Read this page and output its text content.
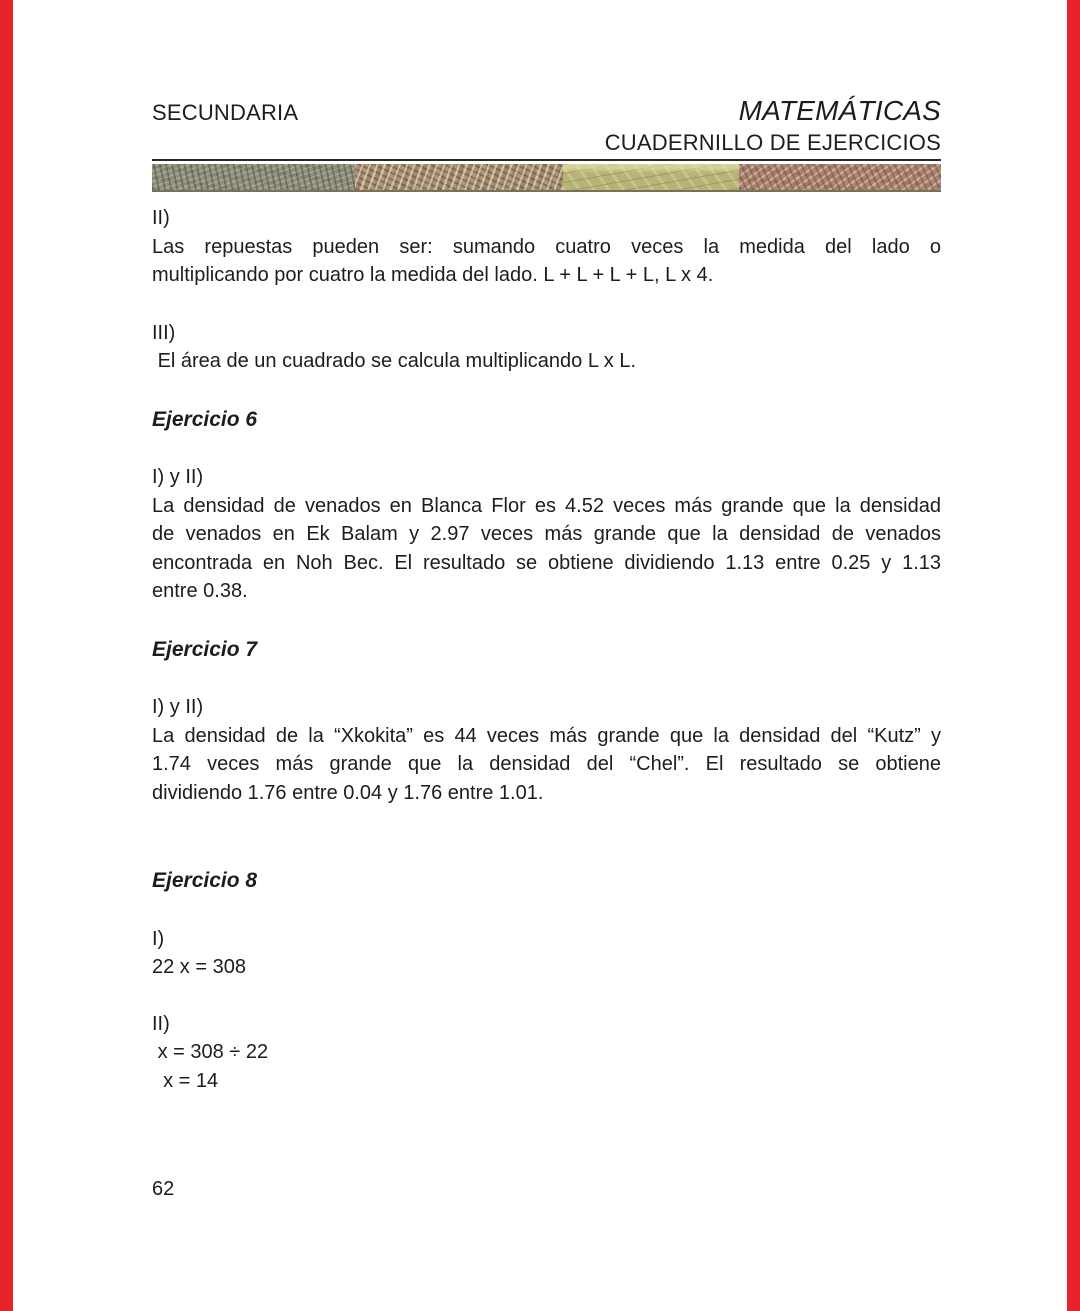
SECUNDARIA	MATEMÁTICAS
CUADERNILLO DE EJERCICIOS
II)
Las repuestas pueden ser: sumando cuatro veces la medida del lado o
multiplicando por cuatro la medida del lado. L + L + L + L, L x 4.
III)
El área de un cuadrado se calcula multiplicando L x L.
Ejercicio 6
I) y II)
La densidad de venados en Blanca Flor es 4.52 veces más grande que la densidad
de venados en Ek Balam y 2.97 veces más grande que la densidad de venados
encontrada en Noh Bec. El resultado se obtiene dividiendo 1.13 entre 0.25 y 1.13
entre 0.38.
Ejercicio 7
I) y II)
La densidad de la “Xkokita” es 44 veces más grande que la densidad del “Kutz” y
1.74 veces más grande que la densidad del “Chel”. El resultado se obtiene
dividiendo 1.76 entre 0.04 y 1.76 entre 1.01.
Ejercicio 8
I)
22 x = 308
II)
x = 308 ÷ 22
x = 14
62
